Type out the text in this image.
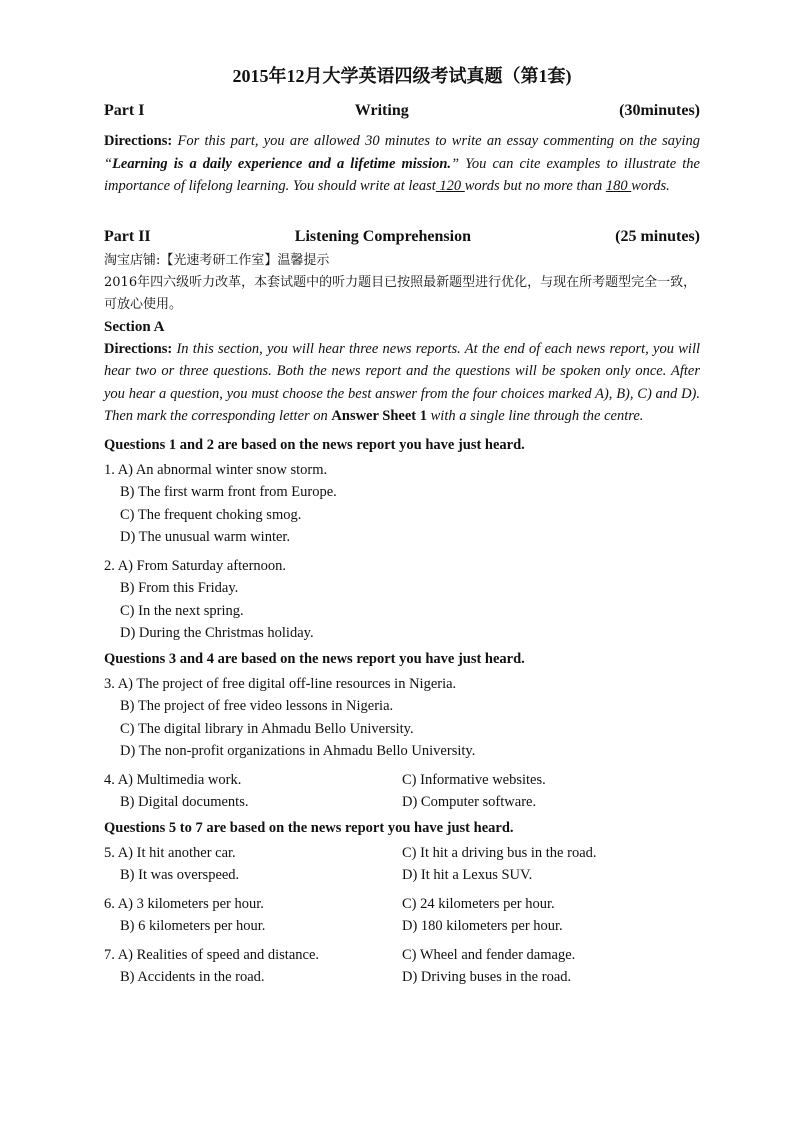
2015年12月大学英语四级考试真题（第1套)
Part I	Writing	(30minutes)
Directions: For this part, you are allowed 30 minutes to write an essay commenting on the saying “Learning is a daily experience and a lifetime mission.” You can cite examples to illustrate the importance of lifelong learning. You should write at least 120 words but no more than 180 words.
Part II	Listening Comprehension	(25 minutes)
淘宝店铺:【光速考研工作室】温馨提示
2016年四六级听力改革，本套试题中的听力题目已按照最新题型进行优化，与现在所考题型完全一致，可放心使用。
Section A
Directions: In this section, you will hear three news reports. At the end of each news report, you will hear two or three questions. Both the news report and the questions will be spoken only once. After you hear a question, you must choose the best answer from the four choices marked A), B), C) and D). Then mark the corresponding letter on Answer Sheet 1 with a single line through the centre.
Questions 1 and 2 are based on the news report you have just heard.
1. A) An abnormal winter snow storm.
B) The first warm front from Europe.
C) The frequent choking smog.
D) The unusual warm winter.
2. A) From Saturday afternoon.
B) From this Friday.
C) In the next spring.
D) During the Christmas holiday.
Questions 3 and 4 are based on the news report you have just heard.
3. A) The project of free digital off-line resources in Nigeria.
B) The project of free video lessons in Nigeria.
C) The digital library in Ahmadu Bello University.
D) The non-profit organizations in Ahmadu Bello University.
4. A) Multimedia work.
B) Digital documents.
C) Informative websites.
D) Computer software.
Questions 5 to 7 are based on the news report you have just heard.
5. A) It hit another car.
B) It was overspeed.
C) It hit a driving bus in the road.
D) It hit a Lexus SUV.
6. A) 3 kilometers per hour.
B) 6 kilometers per hour.
C) 24 kilometers per hour.
D) 180 kilometers per hour.
7. A) Realities of speed and distance.
B) Accidents in the road.
C) Wheel and fender damage.
D) Driving buses in the road.
